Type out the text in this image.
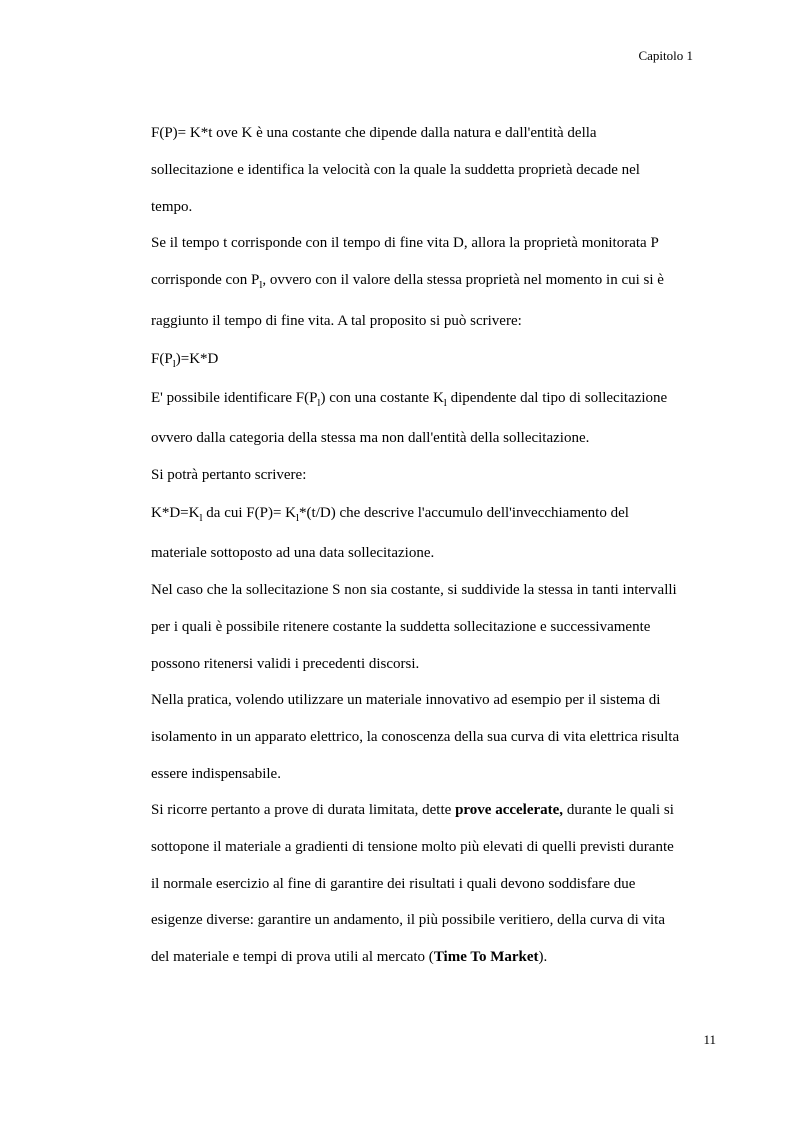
Capitolo 1
F(P)= K*t ove K è una costante che dipende dalla natura e dall'entità della
sollecitazione e identifica la velocità con la quale la suddetta proprietà decade nel
tempo.
Se il tempo t corrisponde con il tempo di fine vita D, allora la proprietà monitorata P
corrisponde con $P_l$, ovvero con il valore della stessa proprietà nel momento in cui si è
raggiunto il tempo di fine vita. A tal proposito si può scrivere:
$F(P_l)=K*D$
E' possibile identificare $F(P_l)$ con una costante $K_l$ dipendente dal tipo di sollecitazione
ovvero dalla categoria della stessa ma non dall'entità della sollecitazione.
Si potrà pertanto scrivere:
$K*D=K_l$ da cui $F(P)= K_l*(t/D)$ che descrive l'accumulo dell'invecchiamento del
materiale sottoposto ad una data sollecitazione.
Nel caso che la sollecitazione S non sia costante, si suddivide la stessa in tanti intervalli
per i quali è possibile ritenere costante la suddetta sollecitazione e successivamente
possono ritenersi validi i precedenti discorsi.
Nella pratica, volendo utilizzare un materiale innovativo ad esempio per il sistema di
isolamento in un apparato elettrico, la conoscenza della sua curva di vita elettrica risulta
essere indispensabile.
Si ricorre pertanto a prove di durata limitata, dette prove accelerate, durante le quali si
sottopone il materiale a gradienti di tensione molto più elevati di quelli previsti durante
il normale esercizio al fine di garantire dei risultati i quali devono soddisfare due
esigenze diverse: garantire un andamento, il più possibile veritiero, della curva di vita
del materiale e tempi di prova utili al mercato (Time To Market).
11
